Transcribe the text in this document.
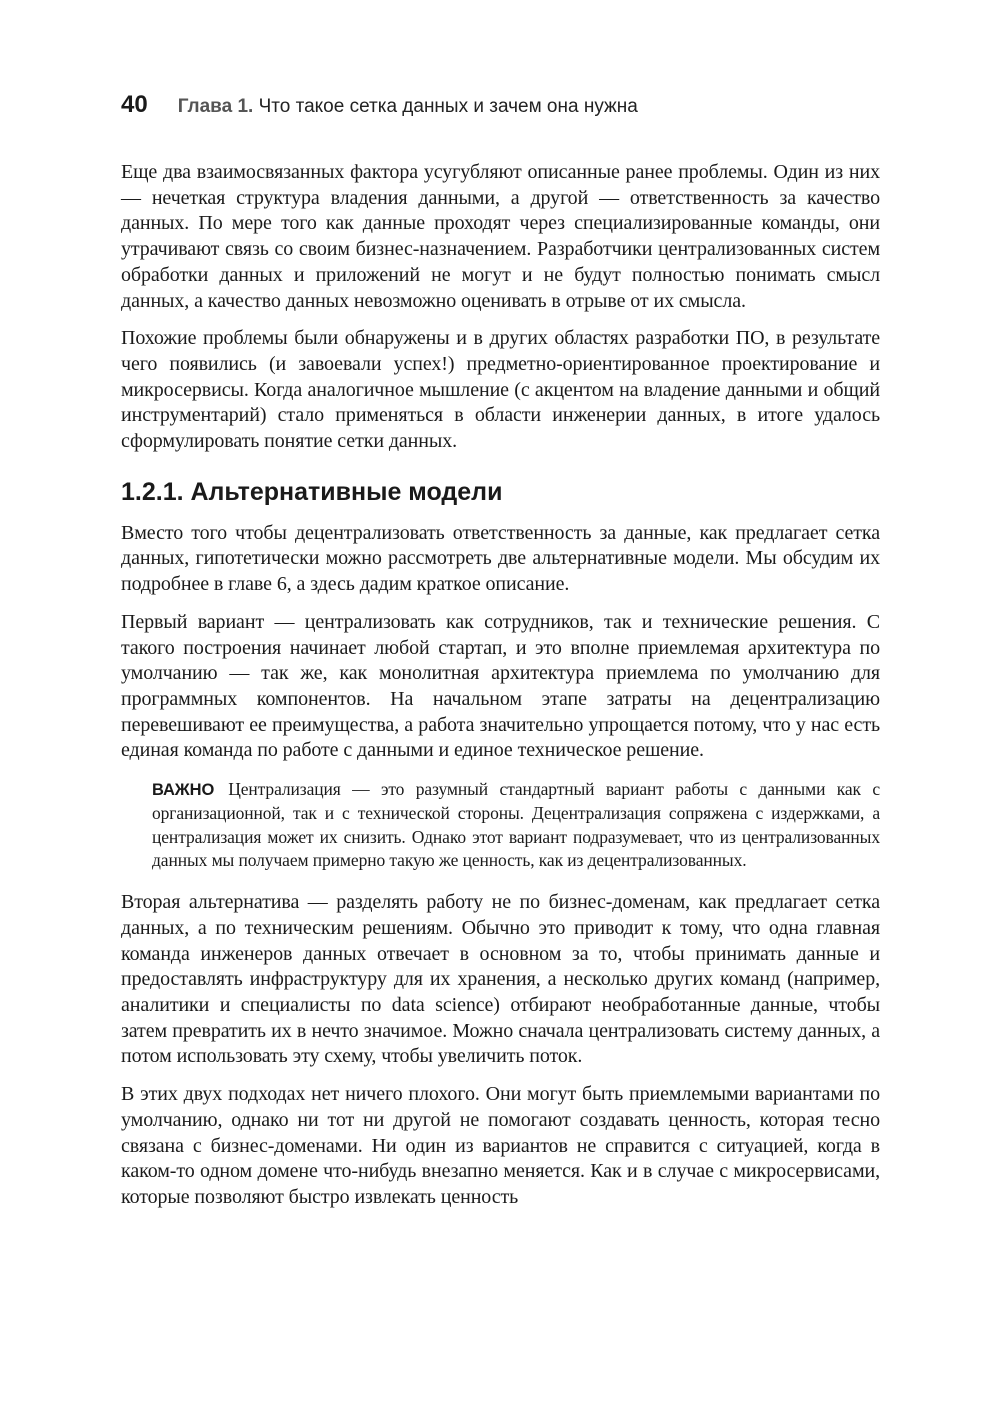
40 Глава 1. Что такое сетка данных и зачем она нужна

Еще два взаимосвязанных фактора усугубляют описанные ранее проблемы. Один из них — нечеткая структура владения данными, а другой — ответственность за качество данных. По мере того как данные проходят через специализированные команды, они утрачивают связь со своим бизнес-назначением. Разработчики централизованных систем обработки данных и приложений не могут и не будут полностью понимать смысл данных, а качество данных невозможно оценивать в отрыве от их смысла.

Похожие проблемы были обнаружены и в других областях разработки ПО, в результате чего появились (и завоевали успех!) предметно-ориентированное проектирование и микросервисы. Когда аналогичное мышление (с акцентом на владение данными и общий инструментарий) стало применяться в области инженерии данных, в итоге удалось сформулировать понятие сетки данных.

1.2.1. Альтернативные модели

Вместо того чтобы децентрализовать ответственность за данные, как предлагает сетка данных, гипотетически можно рассмотреть две альтернативные модели. Мы обсудим их подробнее в главе 6, а здесь дадим краткое описание.

Первый вариант — централизовать как сотрудников, так и технические решения. С такого построения начинает любой стартап, и это вполне приемлемая архитектура по умолчанию — так же, как монолитная архитектура приемлема по умолчанию для программных компонентов. На начальном этапе затраты на децентрализацию перевешивают ее преимущества, а работа значительно упрощается потому, что у нас есть единая команда по работе с данными и единое техническое решение.

ВАЖНО Централизация — это разумный стандартный вариант работы с данными как с организационной, так и с технической стороны. Децентрализация сопряжена с издержками, а централизация может их снизить. Однако этот вариант подразумевает, что из централизованных данных мы получаем примерно такую же ценность, как из децентрализованных.

Вторая альтернатива — разделять работу не по бизнес-доменам, как предлагает сетка данных, а по техническим решениям. Обычно это приводит к тому, что одна главная команда инженеров данных отвечает в основном за то, чтобы принимать данные и предоставлять инфраструктуру для их хранения, а несколько других команд (например, аналитики и специалисты по data science) отбирают необработанные данные, чтобы затем превратить их в нечто значимое. Можно сначала централизовать систему данных, а потом использовать эту схему, чтобы увеличить поток.

В этих двух подходах нет ничего плохого. Они могут быть приемлемыми вариантами по умолчанию, однако ни тот ни другой не помогают создавать ценность, которая тесно связана с бизнес-доменами. Ни один из вариантов не справится с ситуацией, когда в каком-то одном домене что-нибудь внезапно меняется. Как и в случае с микросервисами, которые позволяют быстро извлекать ценность
